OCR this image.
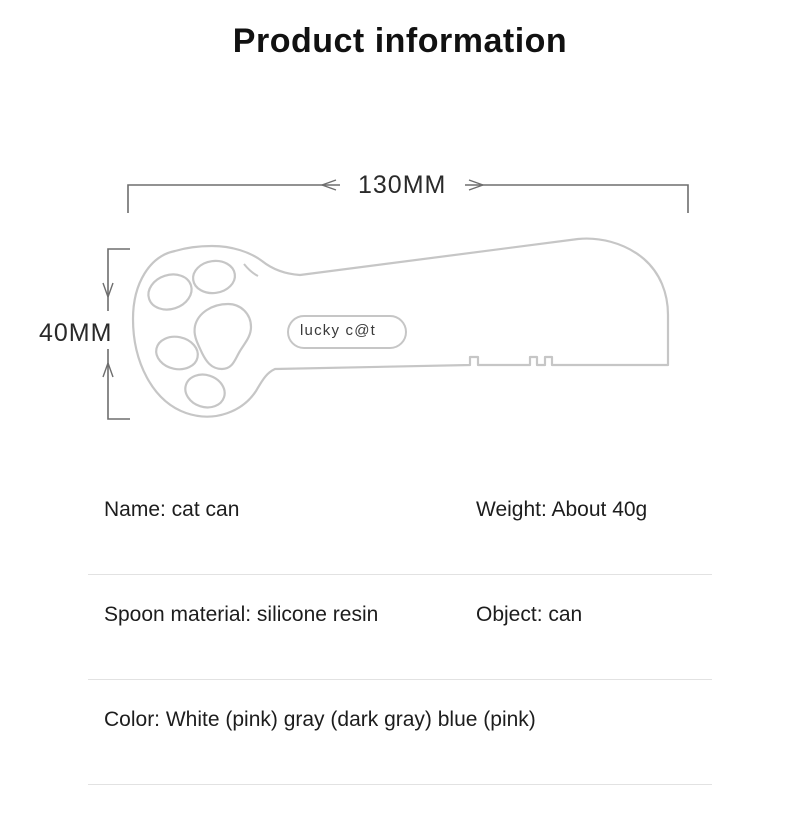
Product information
130MM
40MM	lucky c@t
Name: cat can	Weight: About 40g
Spoon material: silicone resin	Object: can
Color: White (pink) gray (dark gray) blue (pink)
